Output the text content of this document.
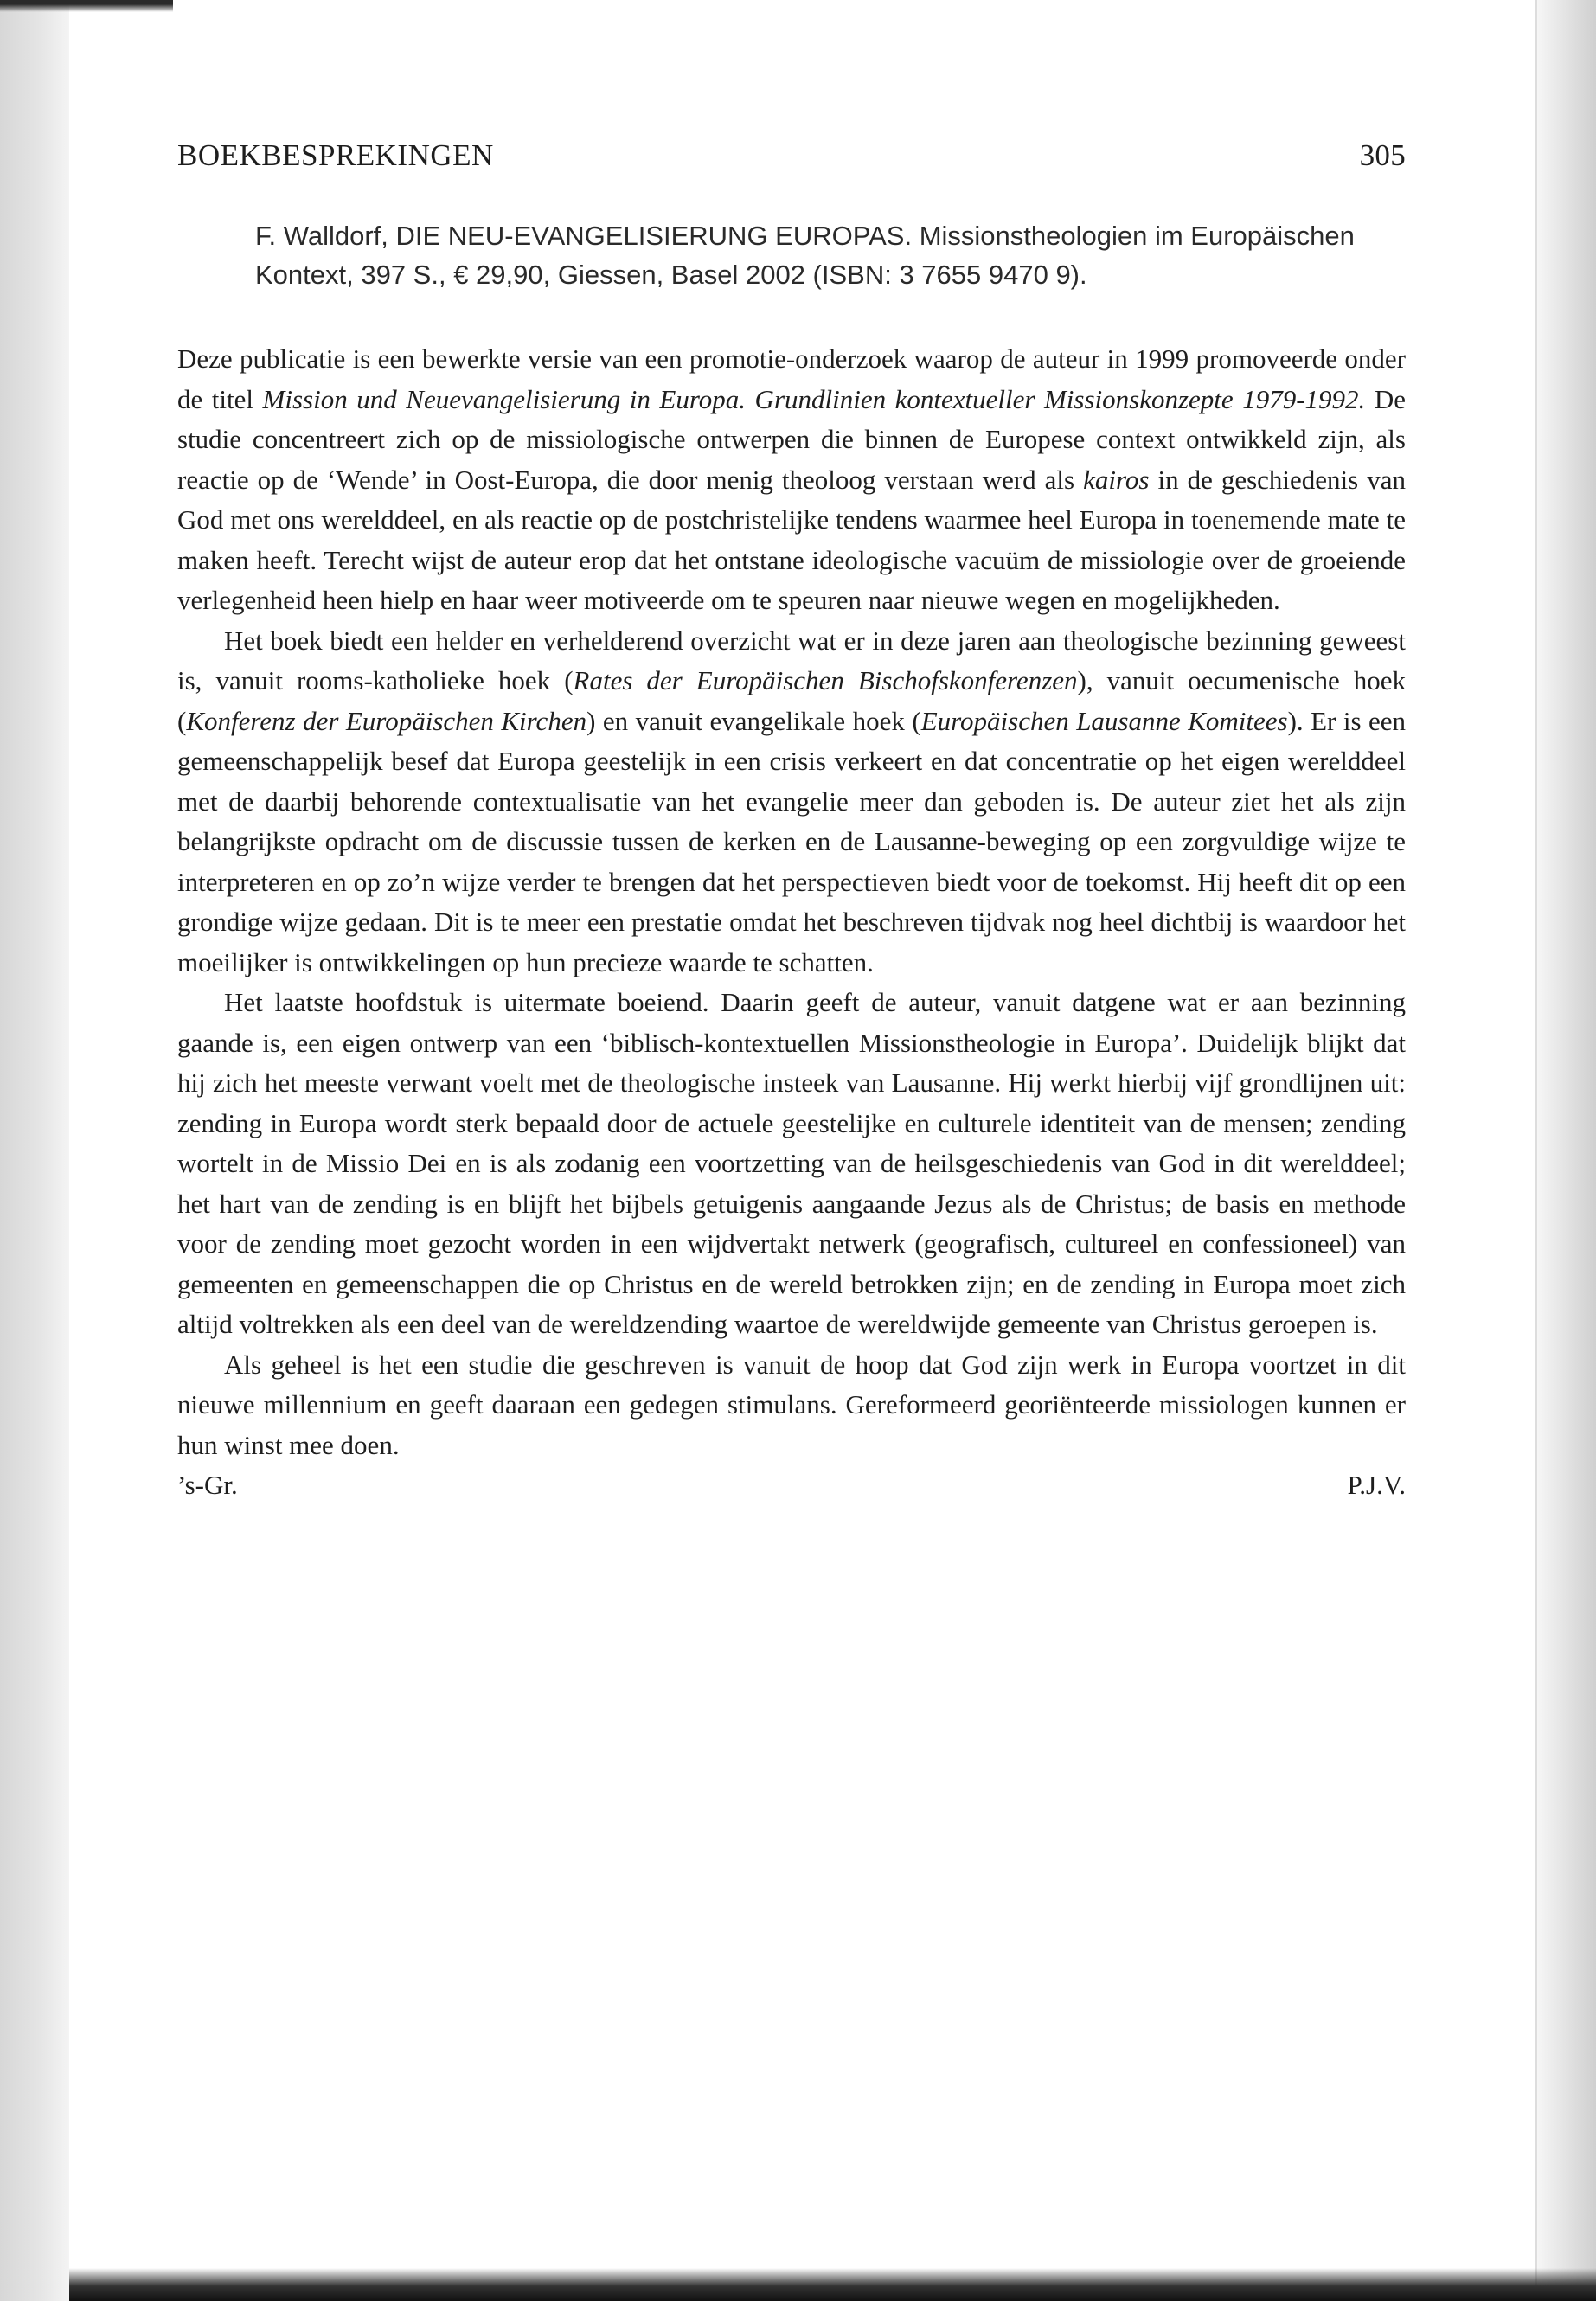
BOEKBESPREKINGEN	305
F. Walldorf, DIE NEU-EVANGELISIERUNG EUROPAS. Missionstheologien im Europäischen
Kontext, 397 S., € 29,90, Giessen, Basel 2002 (ISBN: 3 7655 9470 9).

Deze publicatie is een bewerkte versie van een promotie-onderzoek waarop de auteur in 1999 promoveerde onder de titel Mission und Neuevangelisierung in Europa. Grundlinien kontextueller Missionskonzepte 1979-1992. De studie concentreert zich op de missiologische ontwerpen die binnen de Europese context ontwikkeld zijn, als reactie op de ‘Wende’ in Oost-Europa, die door menig theoloog verstaan werd als kairos in de geschiedenis van God met ons werelddeel, en als reactie op de postchristelijke tendens waarmee heel Europa in toenemende mate te maken heeft. Terecht wijst de auteur erop dat het ontstane ideologische vacuüm de missiologie over de groeiende verlegenheid heen hielp en haar weer motiveerde om te speuren naar nieuwe wegen en mogelijkheden.

Het boek biedt een helder en verhelderend overzicht wat er in deze jaren aan theologische bezinning geweest is, vanuit rooms-katholieke hoek (Rates der Europäischen Bischofskonferenzen), vanuit oecumenische hoek (Konferenz der Europäischen Kirchen) en vanuit evangelikale hoek (Europäischen Lausanne Komitees). Er is een gemeenschappelijk besef dat Europa geestelijk in een crisis verkeert en dat concentratie op het eigen werelddeel met de daarbij behorende contextualisatie van het evangelie meer dan geboden is. De auteur ziet het als zijn belangrijkste opdracht om de discussie tussen de kerken en de Lausanne-beweging op een zorgvuldige wijze te interpreteren en op zo’n wijze verder te brengen dat het perspectieven biedt voor de toekomst. Hij heeft dit op een grondige wijze gedaan. Dit is te meer een prestatie omdat het beschreven tijdvak nog heel dichtbij is waardoor het moeilijker is ontwikkelingen op hun precieze waarde te schatten.

Het laatste hoofdstuk is uitermate boeiend. Daarin geeft de auteur, vanuit datgene wat er aan bezinning gaande is, een eigen ontwerp van een ‘biblisch-kontextuellen Missionstheologie in Europa’. Duidelijk blijkt dat hij zich het meeste verwant voelt met de theologische insteek van Lausanne. Hij werkt hierbij vijf grondlijnen uit: zending in Europa wordt sterk bepaald door de actuele geestelijke en culturele identiteit van de mensen; zending wortelt in de Missio Dei en is als zodanig een voortzetting van de heilsgeschiedenis van God in dit werelddeel; het hart van de zending is en blijft het bijbels getuigenis aangaande Jezus als de Christus; de basis en methode voor de zending moet gezocht worden in een wijdvertakt netwerk (geografisch, cultureel en confessioneel) van gemeenten en gemeenschappen die op Christus en de wereld betrokken zijn; en de zending in Europa moet zich altijd voltrekken als een deel van de wereldzending waartoe de wereldwijde gemeente van Christus geroepen is.

Als geheel is het een studie die geschreven is vanuit de hoop dat God zijn werk in Europa voortzet in dit nieuwe millennium en geeft daaraan een gedegen stimulans. Gereformeerd georiënteerde missiologen kunnen er hun winst mee doen.

’s-Gr.	P.J.V.
